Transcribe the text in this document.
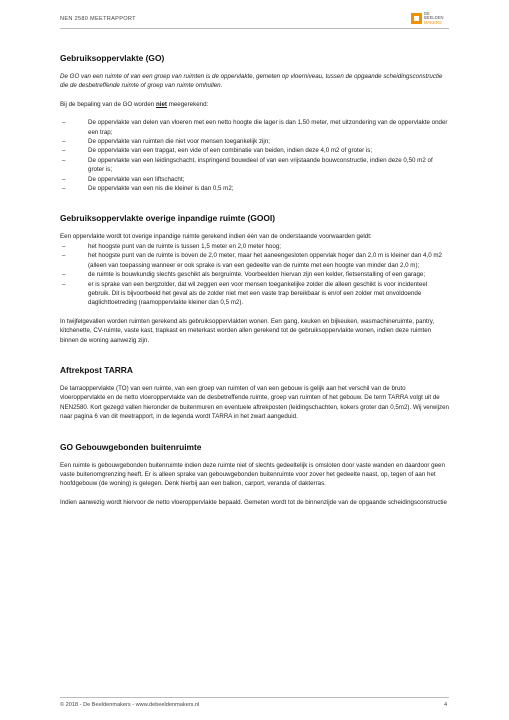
NEN 2580 MEETRAPPORT
DE
BEELDEN
MAKERS
Gebruiksoppervlakte (GO)

De GO van een ruimte of van een groep van ruimten is de oppervlakte, gemeten op vloerniveau, tussen de opgaande scheidingsconstructie die de desbetreffende ruimte of groep van ruimte omhullen.

Bij de bepaling van de GO worden niet meegerekend:

– De oppervlakte van delen van vloeren met een netto hoogte die lager is dan 1,50 meter, met uitzondering van de oppervlakte onder een trap;
– De oppervlakte van ruimten die niet voor mensen toegankelijk zijn;
– De oppervlakte van een trapgat, een vide of een combinatie van beiden, indien deze 4,0 m2 of groter is;
– De oppervlakte van een leidingschacht, inspringend bouwdeel of van een vrijstaande bouwconstructie, indien deze 0,50 m2 of groter is;
– De oppervlakte van een liftschacht;
– De oppervlakte van een nis die kleiner is dan 0,5 m2;
Gebruiksoppervlakte overige inpandige ruimte (GOOI)

Een oppervlakte wordt tot overige inpandige ruimte gerekend indien één van de onderstaande voorwaarden geldt:

– het hoogste punt van de ruimte is tussen 1,5 meter en 2,0 meter hoog;
– het hoogste punt van de ruimte is boven de 2,0 meter, maar het aaneengesloten oppervlak hoger dan 2,0 m is kleiner dan 4,0 m2 (alleen van toepassing wanneer er ook sprake is van een gedeelte van de ruimte met een hoogte van minder dan 2,0 m);
– de ruimte is bouwkundig slechts geschikt als bergruimte. Voorbeelden hiervan zijn een kelder, fietsenstalling of een garage;
– er is sprake van een bergzolder, dat wil zeggen een voor mensen toegankelijke zolder die alleen geschikt is voor incidenteel gebruik. Dit is bijvoorbeeld het geval als de zolder niet met een vaste trap bereikbaar is en/of een zolder met onvoldoende daglichttoetreding (raamoppervlakte kleiner dan 0,5 m2).

In twijfelgevallen worden ruimten gerekend als gebruiksoppervlakten wonen. Een gang, keuken en bijkeuken, wasmachineruimte, pantry, kitchenette, CV-ruimte, vaste kast, trapkast en meterkast worden allen gerekend tot de gebruiksoppervlakte wonen, indien deze ruimten binnen de woning aanwezig zijn.

Aftrekpost TARRA

De tarraoppervlakte (TO) van een ruimte, van een groep van ruimten of van een gebouw is gelijk aan het verschil van de bruto vloeroppervlakte en de netto vloeroppervlakte van de desbetreffende ruimte, groep van ruimten of het gebouw. De term TARRA volgt uit de NEN2580. Kort gezegd vallen hieronder de buitenmuren en eventuele aftrekposten (leidingschachten, kokers groter dan 0,5m2). Wij verwijzen naar pagina 6 van dit meetrapport, in de legenda wordt TARRA in het zwart aangeduid.

GO Gebouwgebonden buitenruimte

Een ruimte is gebouwgebonden buitenruimte indien deze ruimte niet of slechts gedeeltelijk is omsloten door vaste wanden en daardoor geen vaste buitenomgrenzing heeft. Er is alleen sprake van gebouwgebonden buitenruimte voor zover het gedeelte naast, op, tegen of aan het hoofdgebouw (de woning) is gelegen. Denk hierbij aan een balkon, carport, veranda of dakterras.

Indien aanwezig wordt hiervoor de netto vloeroppervlakte bepaald. Gemeten wordt tot de binnenzijde van de opgaande scheidingsconstructie

© 2018 - De Beeldenmakers - www.debeeldenmakers.nl	4
